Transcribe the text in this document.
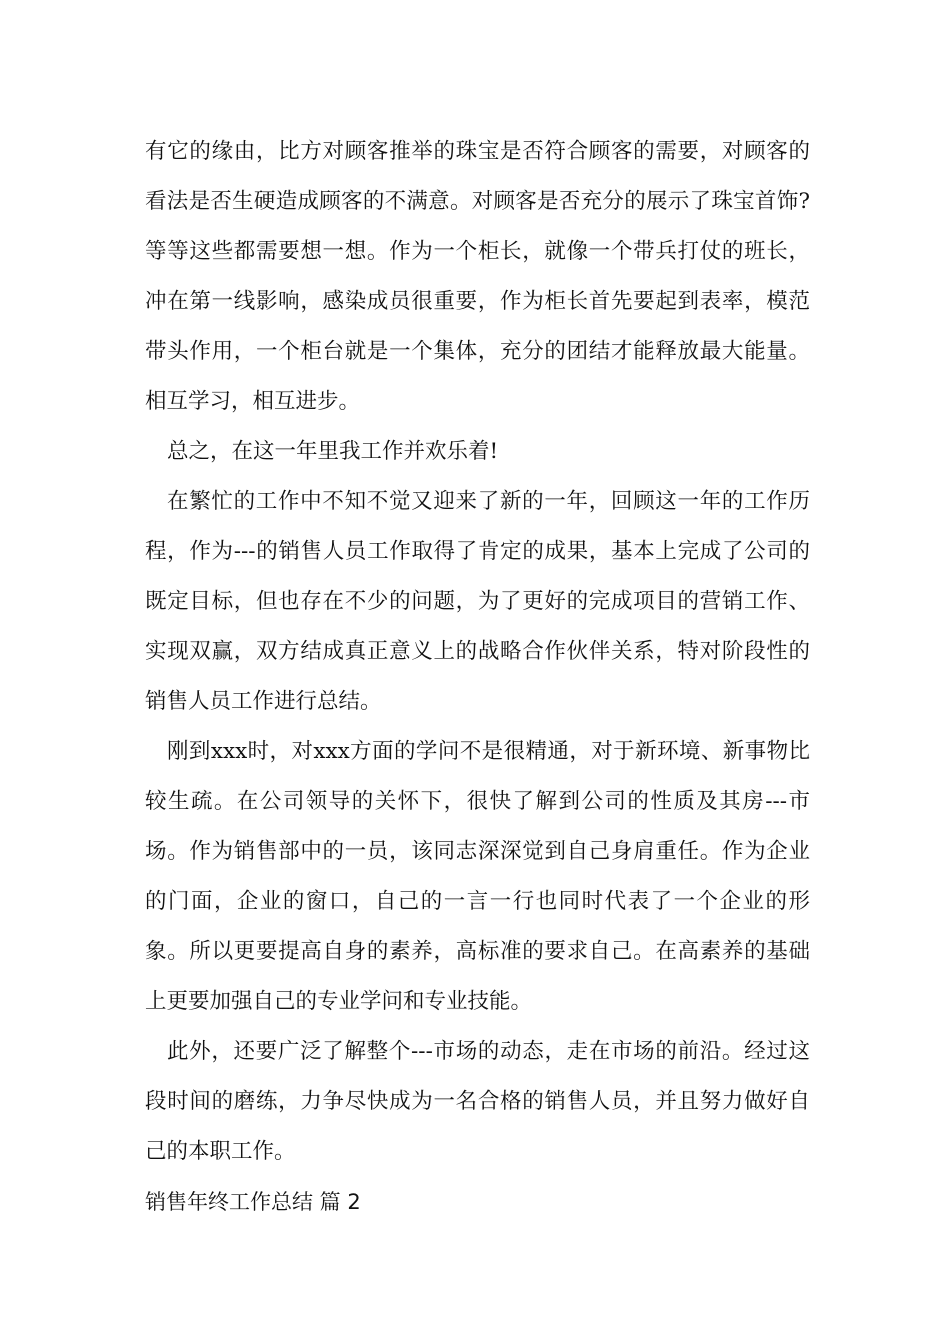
有它的缘由，比方对顾客推举的珠宝是否符合顾客的需要，对顾客的看法是否生硬造成顾客的不满意。对顾客是否充分的展示了珠宝首饰?等等这些都需要想一想。作为一个柜长，就像一个带兵打仗的班长，冲在第一线影响，感染成员很重要，作为柜长首先要起到表率，模范带头作用，一个柜台就是一个集体，充分的团结才能释放最大能量。相互学习，相互进步。

总之，在这一年里我工作并欢乐着!

在繁忙的工作中不知不觉又迎来了新的一年，回顾这一年的工作历程，作为---的销售人员工作取得了肯定的成果，基本上完成了公司的既定目标，但也存在不少的问题，为了更好的完成项目的营销工作、实现双赢，双方结成真正意义上的战略合作伙伴关系，特对阶段性的销售人员工作进行总结。

刚到xxx时，对xxx方面的学问不是很精通，对于新环境、新事物比较生疏。在公司领导的关怀下，很快了解到公司的性质及其房---市场。作为销售部中的一员，该同志深深觉到自己身肩重任。作为企业的门面，企业的窗口，自己的一言一行也同时代表了一个企业的形象。所以更要提高自身的素养，高标准的要求自己。在高素养的基础上更要加强自己的专业学问和专业技能。

此外，还要广泛了解整个---市场的动态，走在市场的前沿。经过这段时间的磨练，力争尽快成为一名合格的销售人员，并且努力做好自己的本职工作。

销售年终工作总结 篇 2
